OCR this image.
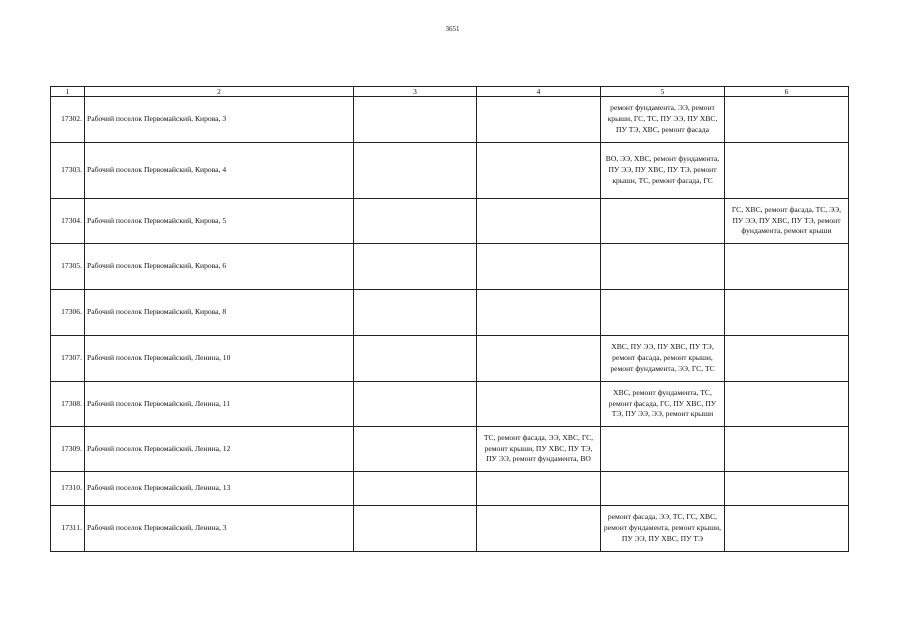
3651
1	2	3	4	5	6
17302.	Рабочий поселок Первомайский, Кирова, 3			ремонт фундамента, ЭЭ, ремонт крыши, ГС, ТС, ПУ ЭЭ, ПУ ХВС, ПУ ТЭ, ХВС, ремонт фасада	
17303.	Рабочий поселок Первомайский, Кирова, 4			ВО, ЭЭ, ХВС, ремонт фундамента, ПУ ЭЭ, ПУ ХВС, ПУ ТЭ, ремонт крыши, ТС, ремонт фасада, ГС	
17304.	Рабочий поселок Первомайский, Кирова, 5				ГС, ХВС, ремонт фасада, ТС, ЭЭ, ПУ ЭЭ, ПУ ХВС, ПУ ТЭ, ремонт фундамента, ремонт крыши
17305.	Рабочий поселок Первомайский, Кирова, 6				
17306.	Рабочий поселок Первомайский, Кирова, 8				
17307.	Рабочий поселок Первомайский, Ленина, 10			ХВС, ПУ ЭЭ, ПУ ХВС, ПУ ТЭ, ремонт фасада, ремонт крыши, ремонт фундамента, ЭЭ, ГС, ТС	
17308.	Рабочий поселок Первомайский, Ленина, 11			ХВС, ремонт фундамента, ТС, ремонт фасада, ГС, ПУ ХВС, ПУ ТЭ, ПУ ЭЭ, ЭЭ, ремонт крыши	
17309.	Рабочий поселок Первомайский, Ленина, 12		ТС, ремонт фасада, ЭЭ, ХВС, ГС, ремонт крыши, ПУ ХВС, ПУ ТЭ, ПУ ЭЭ, ремонт фундамента, ВО		
17310.	Рабочий поселок Первомайский, Ленина, 13				
17311.	Рабочий поселок Первомайский, Ленина, 3			ремонт фасада, ЭЭ, ТС, ГС, ХВС, ремонт фундамента, ремонт крыши, ПУ ЭЭ, ПУ ХВС, ПУ ТЭ	
